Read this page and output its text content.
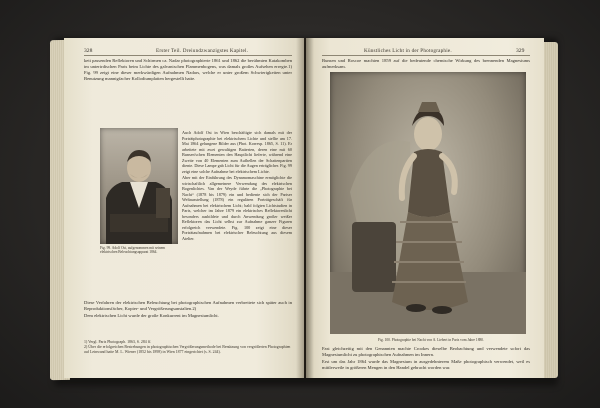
328	Erster Teil. Dreiundzwanzigstes Kapitel.

kett passenden Reflektoren und Schirmen ca. Nadar photographierte 1861 und 1862 die berühmten Katakomben im unterirdischen Paris beim Lichte des galvanischen Flammenbogens, was damals großes Aufsehen erregte.1) Fig. 99 zeigt eine dieser merkwürdigen Aufnahmen Nadars, welche er unter großem Schwierigkeiten unter Benutzung mannigfacher Kollodiumplatten hergestellt hatte.

Auch Adolf Ost in Wien beschäftigte sich damals mit der Porträtphotographie bei elektrischem Lichte und stellte am 17. Mai 1864 gelungene Bilder aus (Phot. Korresp. 1865, S. 11). Er arbeitete mit zwei gewaltigen Batterien, deren eine mit 60 Bunsen'schen Elementen den Hauptlicht lieferte, während eine Zweite von 40 Elementen zum Aufhellen der Schattenpartien diente. Diese Lampe gab Licht für die Augen erträglicher. Fig. 99 zeigt eine solche Aufnahme bei elektrischem Lichte.

Aber mit der Einführung des Dynamomaschine ermöglichte die wirtschaftlich allgemeinere Verwendung des elektrischen Bogenlichtes. Van der Weyde führte die „Photographie bei Nacht“ (1878 bis 1879) ein und bediente sich der Pariser Weltausstellung (1878) ein regulären Porträtgeschäft für Aufnahmen bei elektrischem Licht; bald folgten Lichtstudien in Paris, welcher im Jahre 1879 ein elektrisches Reflektorenlicht besonders ausbildete und durch Anwendung großer weißer Reflektoren das Licht selbst zur Aufnahme ganzer Figuren erfolgreich verwendete. Fig. 100 zeigt eine dieser Porträtaufnahmen bei elektrischer Beleuchtung aus diesem Atelier.

Fig. 99. Adolf Ost, aufgenommen mit seinem elektrischen Beleuchtungsapparat 1864.

Diese Verfahren der elektrischen Beleuchtung bei photographischen Aufnahmen verbreitete sich später auch in Reproduktionsfächer, Kopier- und Vergrößerungsanstalten.2)

Dem elektrischen Licht wurde der große Konkurrent im Magnesiumlicht.

1) Vergl. Paris Photograph. 1863, S. 284 ff.
2) Über die erfolgreichen Bestrebungen in photographischen Vergrößerungsmethode bei Benützung von vergrößerten Photographien auf Leinwand hatte M. L. Wiener (1852 bis 1898) in Wien 1877 eingerichtet (s. S. 244).
Künstliches Licht in der Photographie.	329

Bunsen und Roscoe machten 1859 auf die bedeutende chemische Wirkung des brennenden Magnesiums aufmerksam.

Fig. 100. Photographie bei Nacht von A. Liebert in Paris vom Jahre 1880.

Fast gleichzeitig mit den Genannten machte Crookes dieselbe Beobachtung und verwendete sofort das Magnesiumlicht zu photographischen Aufnahmen im Innern.

Erst um das Jahr 1864 wurde das Magnesium in ausgedehnterem Maße photographisch verwendet, weil es mittlerweile in größeren Mengen in den Handel gebracht worden war.
